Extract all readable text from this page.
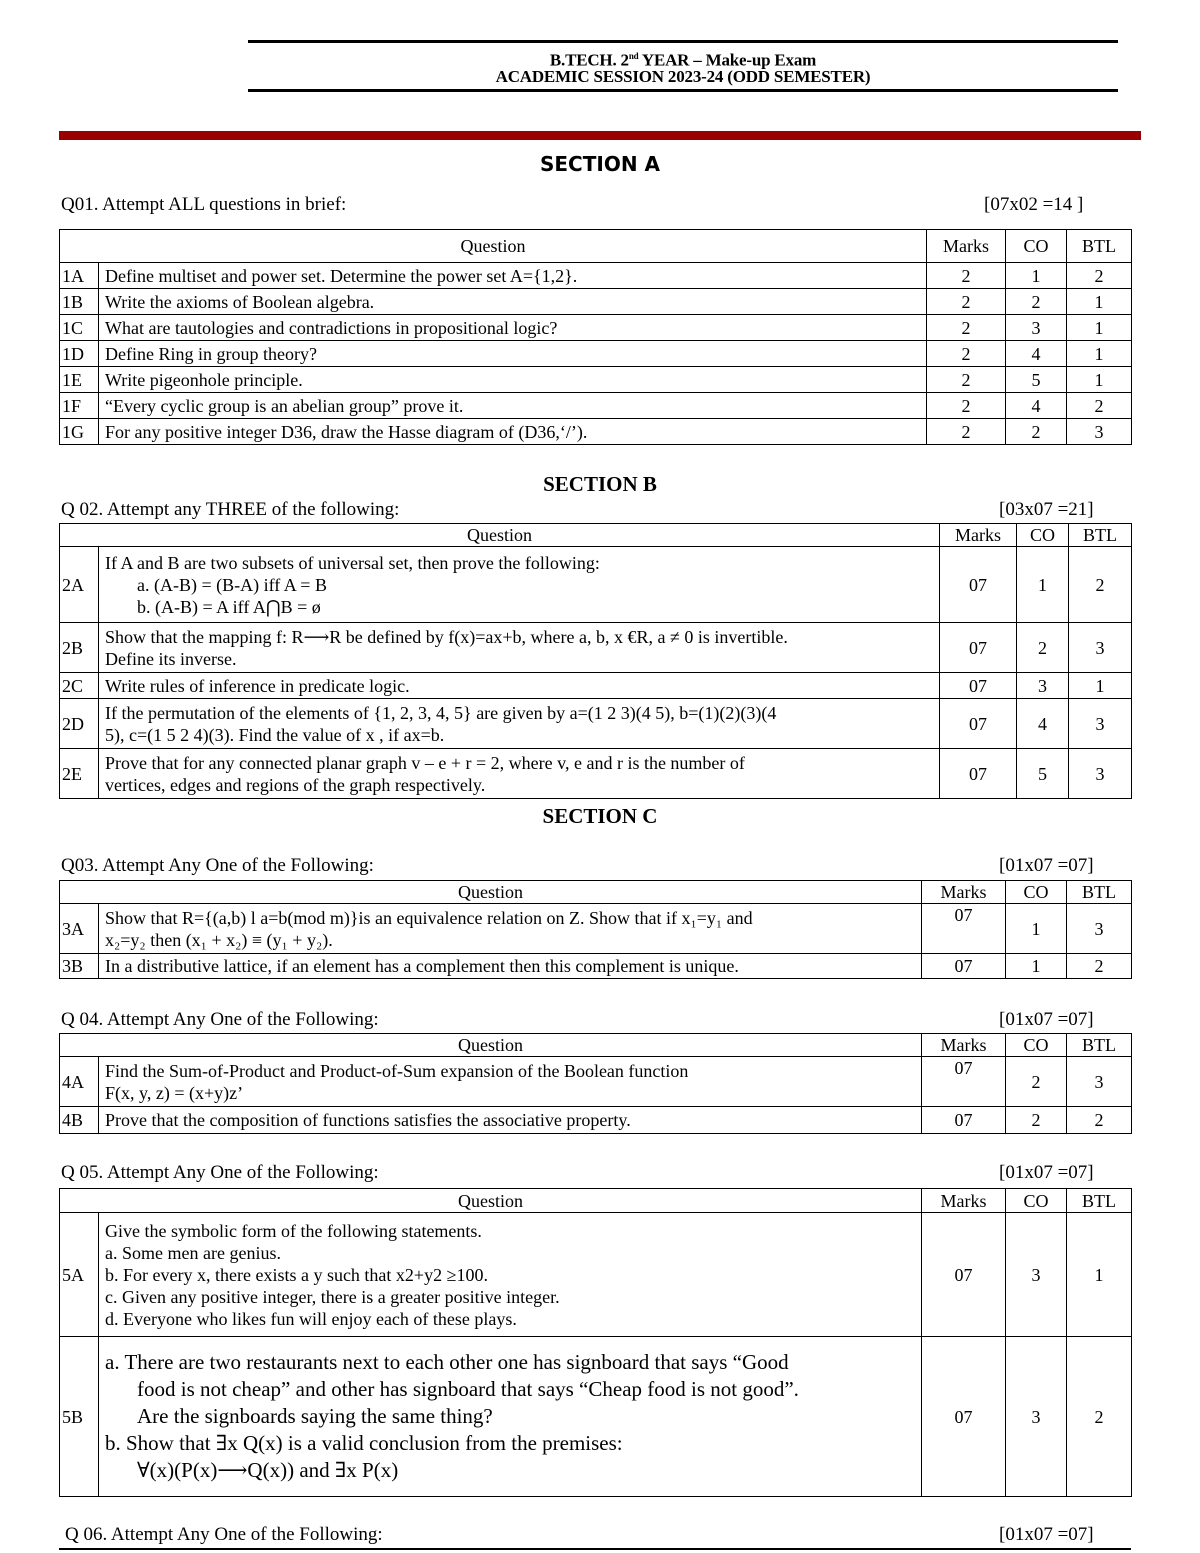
B.TECH. 2nd YEAR – Make-up Exam
ACADEMIC SESSION 2023-24 (ODD SEMESTER)
SECTION A
Q01. Attempt ALL questions in brief:	[07x02 =14 ]
Question		Marks	CO	BTL
1A	Define multiset and power set. Determine the power set A={1,2}.	2	1	2
1B	Write the axioms of Boolean algebra.	2	2	1
1C	What are tautologies and contradictions in propositional logic?	2	3	1
1D	Define Ring in group theory?	2	4	1
1E	Write pigeonhole principle.	2	5	1
1F	“Every cyclic group is an abelian group” prove it.	2	4	2
1G	For any positive integer D36, draw the Hasse diagram of (D36,‘/’).	2	2	3
SECTION B
Q 02. Attempt any THREE of the following:	[03x07 =21]
Question		Marks	CO	BTL
2A	If A and B are two subsets of universal set, then prove the following:
a. (A-B) = (B-A) iff A = B
b. (A-B) = A iff A⋂B = ø	07	1	2
2B	Show that the mapping f: R⟶R be defined by f(x)=ax+b, where a, b, x €R, a ≠ 0 is invertible.
Define its inverse.	07	2	3
2C	Write rules of inference in predicate logic.	07	3	1
2D	If the permutation of the elements of {1, 2, 3, 4, 5} are given by a=(1 2 3)(4 5), b=(1)(2)(3)(4
5), c=(1 5 2 4)(3). Find the value of x , if ax=b.	07	4	3
2E	Prove that for any connected planar graph v – e + r = 2, where v, e and r is the number of
vertices, edges and regions of the graph respectively.	07	5	3
SECTION C
Q03. Attempt Any One of the Following:	[01x07 =07]
Question		Marks	CO	BTL
3A	Show that R={(a,b) l a=b(mod m)}is an equivalence relation on Z. Show that if x₁=y₁ and
x₂=y₂ then (x₁ + x₂) ≡ (y₁ + y₂).	07	1	3
3B	In a distributive lattice, if an element has a complement then this complement is unique.	07	1	2
Q 04. Attempt Any One of the Following:	[01x07 =07]
Question		Marks	CO	BTL
4A	Find the Sum-of-Product and Product-of-Sum expansion of the Boolean function
F(x, y, z) = (x+y)z’	07	2	3
4B	Prove that the composition of functions satisfies the associative property.	07	2	2
Q 05. Attempt Any One of the Following:	[01x07 =07]
Question		Marks	CO	BTL
5A	Give the symbolic form of the following statements.
a. Some men are genius.
b. For every x, there exists a y such that x2+y2 ≥100.
c. Given any positive integer, there is a greater positive integer.
d. Everyone who likes fun will enjoy each of these plays.	07	3	1
5B	a. There are two restaurants next to each other one has signboard that says “Good
food is not cheap” and other has signboard that says “Cheap food is not good”.
Are the signboards saying the same thing?
b. Show that ∃x Q(x) is a valid conclusion from the premises:
∀(x)(P(x)⟶Q(x)) and ∃x P(x)	07	3	2
Q 06. Attempt Any One of the Following:	[01x07 =07]
